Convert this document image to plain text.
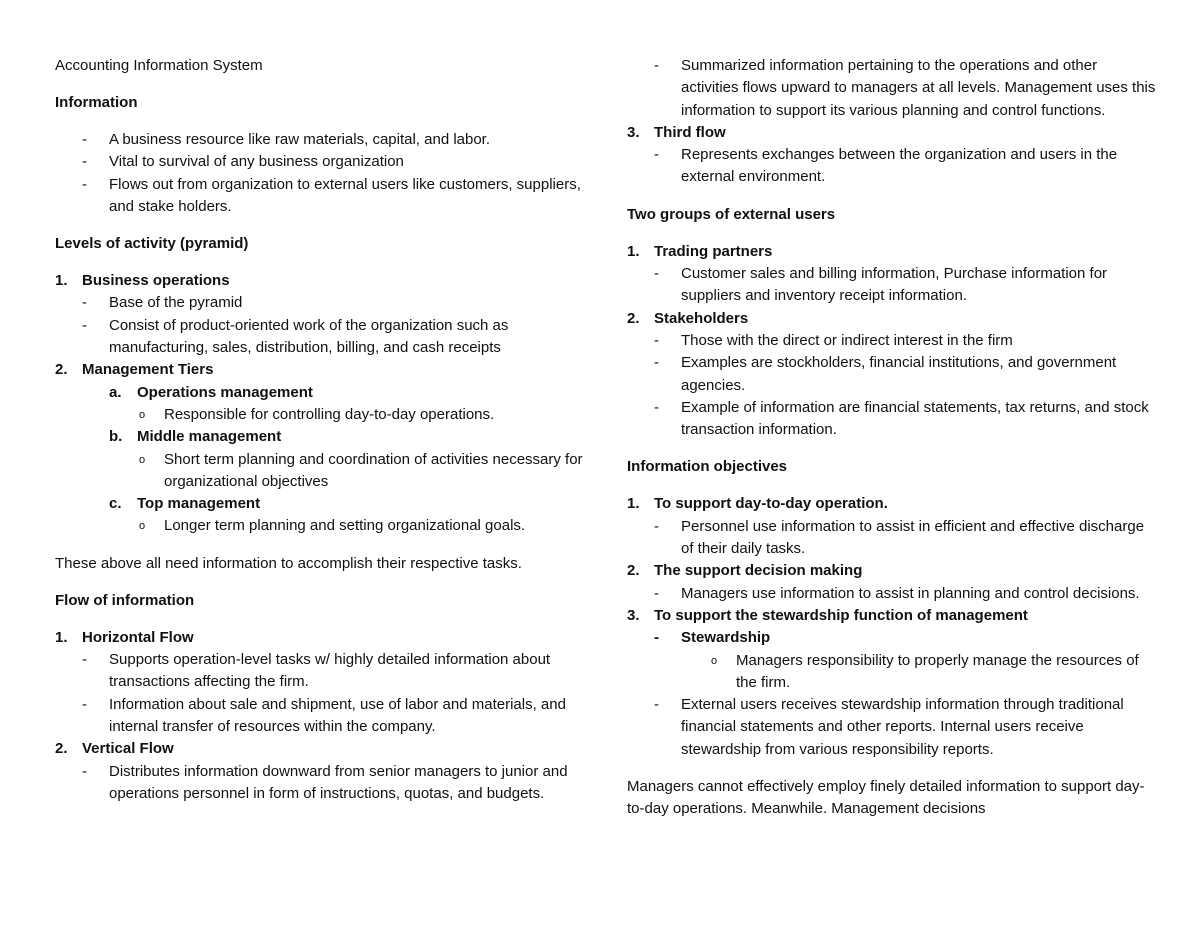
Accounting Information System

Information

- A business resource like raw materials, capital, and labor.
- Vital to survival of any business organization
- Flows out from organization to external users like customers, suppliers, and stake holders.

Levels of activity (pyramid)

1. Business operations
- Base of the pyramid
- Consist of product-oriented work of the organization such as manufacturing, sales, distribution, billing, and cash receipts
2. Management Tiers
a. Operations management
o Responsible for controlling day-to-day operations.
b. Middle management
o Short term planning and coordination of activities necessary for organizational objectives
c. Top management
o Longer term planning and setting organizational goals.

These above all need information to accomplish their respective tasks.

Flow of information

1. Horizontal Flow
- Supports operation-level tasks w/ highly detailed information about transactions affecting the firm.
- Information about sale and shipment, use of labor and materials, and internal transfer of resources within the company.
2. Vertical Flow
- Distributes information downward from senior managers to junior and operations personnel in form of instructions, quotas, and budgets.
- Summarized information pertaining to the operations and other activities flows upward to managers at all levels. Management uses this information to support its various planning and control functions.
3. Third flow
- Represents exchanges between the organization and users in the external environment.

Two groups of external users

1. Trading partners
- Customer sales and billing information, Purchase information for suppliers and inventory receipt information.
2. Stakeholders
- Those with the direct or indirect interest in the firm
- Examples are stockholders, financial institutions, and government agencies.
- Example of information are financial statements, tax returns, and stock transaction information.

Information objectives

1. To support day-to-day operation.
- Personnel use information to assist in efficient and effective discharge of their daily tasks.
2. The support decision making
- Managers use information to assist in planning and control decisions.
3. To support the stewardship function of management
- Stewardship
o Managers responsibility to properly manage the resources of the firm.
- External users receives stewardship information through traditional financial statements and other reports. Internal users receive stewardship from various responsibility reports.

Managers cannot effectively employ finely detailed information to support day-to-day operations. Meanwhile. Management decisions
